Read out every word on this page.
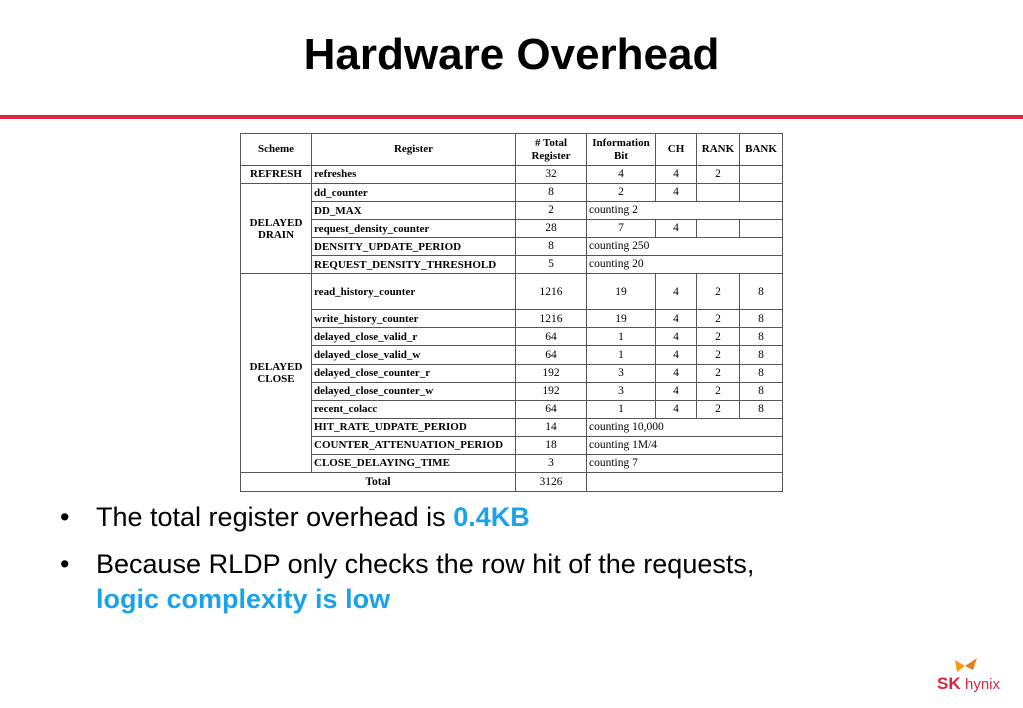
Hardware Overhead
Scheme	Register	# Total Register	Information Bit	CH	RANK	BANK
REFRESH	refreshes	32	4	4	2	
DELAYED DRAIN	dd_counter	8	2	4		
	DD_MAX	2	counting 2			
	request_density_counter	28	7	4		
	DENSITY_UPDATE_PERIOD	8	counting 250			
	REQUEST_DENSITY_THRESHOLD	5	counting 20			
DELAYED CLOSE	read_history_counter	1216	19	4	2	8
	write_history_counter	1216	19	4	2	8
	delayed_close_valid_r	64	1	4	2	8
	delayed_close_valid_w	64	1	4	2	8
	delayed_close_counter_r	192	3	4	2	8
	delayed_close_counter_w	192	3	4	2	8
	recent_colacc	64	1	4	2	8
	HIT_RATE_UDPATE_PERIOD	14	counting 10,000			
	COUNTER_ATTENUATION_PERIOD	18	counting 1M/4			
	CLOSE_DELAYING_TIME	3	counting 7			
Total		3126				
• The total register overhead is 0.4KB
• Because RLDP only checks the row hit of the requests,
logic complexity is low
SK hynix
